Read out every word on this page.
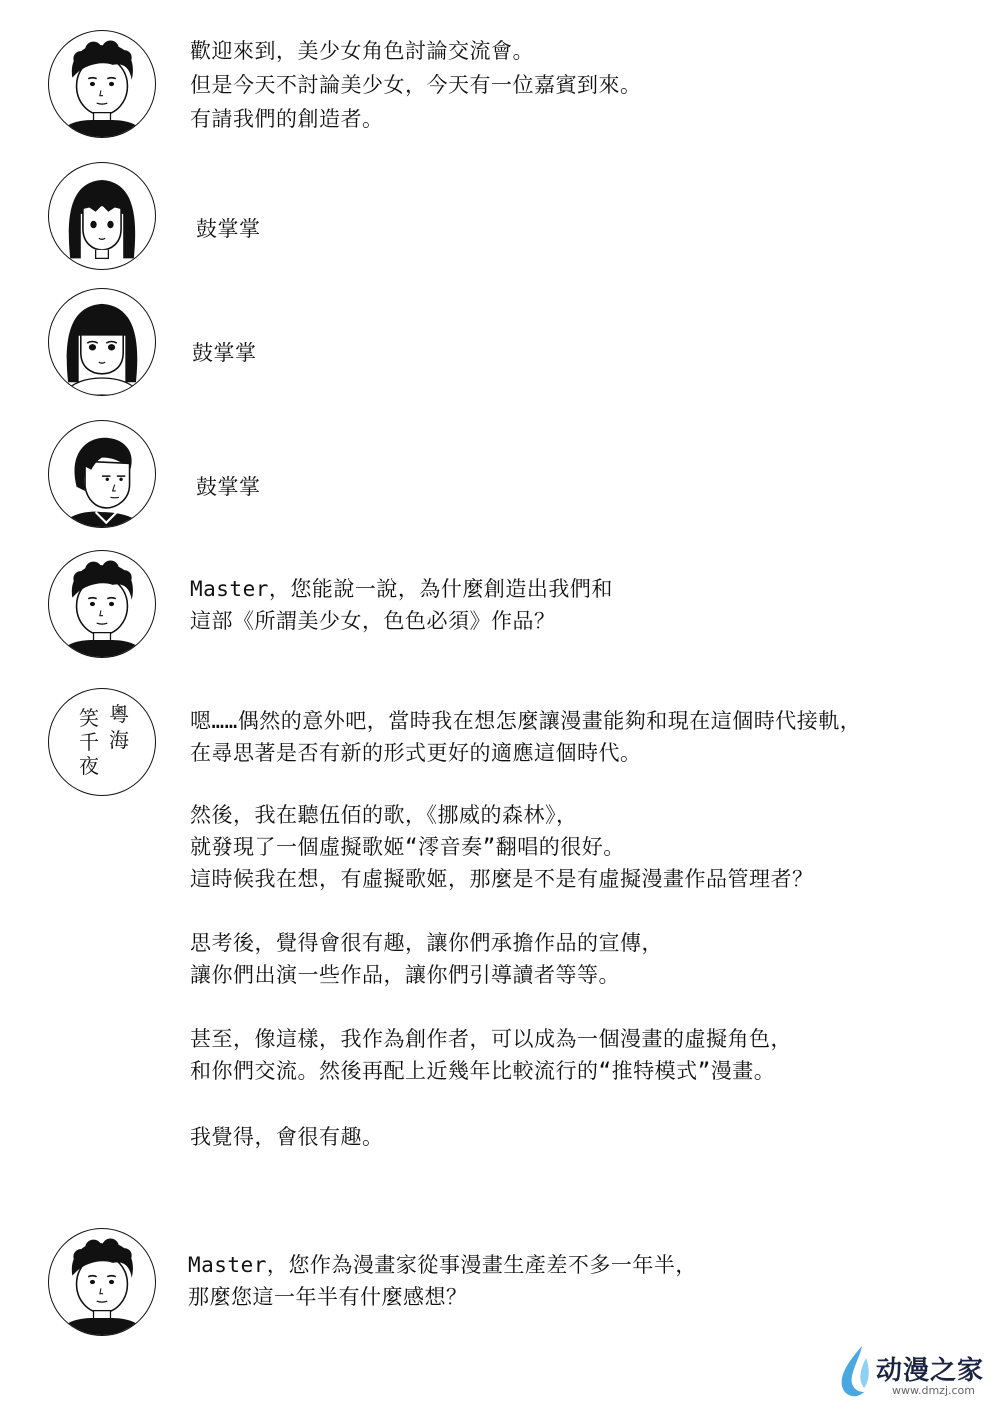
歡迎來到，美少女角色討論交流會。
但是今天不討論美少女，今天有一位嘉賓到來。
有請我們的創造者。
鼓掌掌
鼓掌掌
鼓掌掌
Master，您能說一說，為什麼創造出我們和
這部《所謂美少女，色色必須》作品？
粵
海
笑
千
夜
嗯……偶然的意外吧，當時我在想怎麼讓漫畫能夠和現在這個時代接軌，
在尋思著是否有新的形式更好的適應這個時代。
然後，我在聽伍佰的歌，《挪威的森林》，
就發現了一個虛擬歌姬“澪音奏”翻唱的很好。
這時候我在想，有虛擬歌姬，那麼是不是有虛擬漫畫作品管理者？
思考後，覺得會很有趣，讓你們承擔作品的宣傳，
讓你們出演一些作品，讓你們引導讀者等等。
甚至，像這樣，我作為創作者，可以成為一個漫畫的虛擬角色，
和你們交流。然後再配上近幾年比較流行的“推特模式”漫畫。
我覺得，會很有趣。
Master，您作為漫畫家從事漫畫生產差不多一年半，
那麼您這一年半有什麼感想？
动漫之家
www.dmzj.com
